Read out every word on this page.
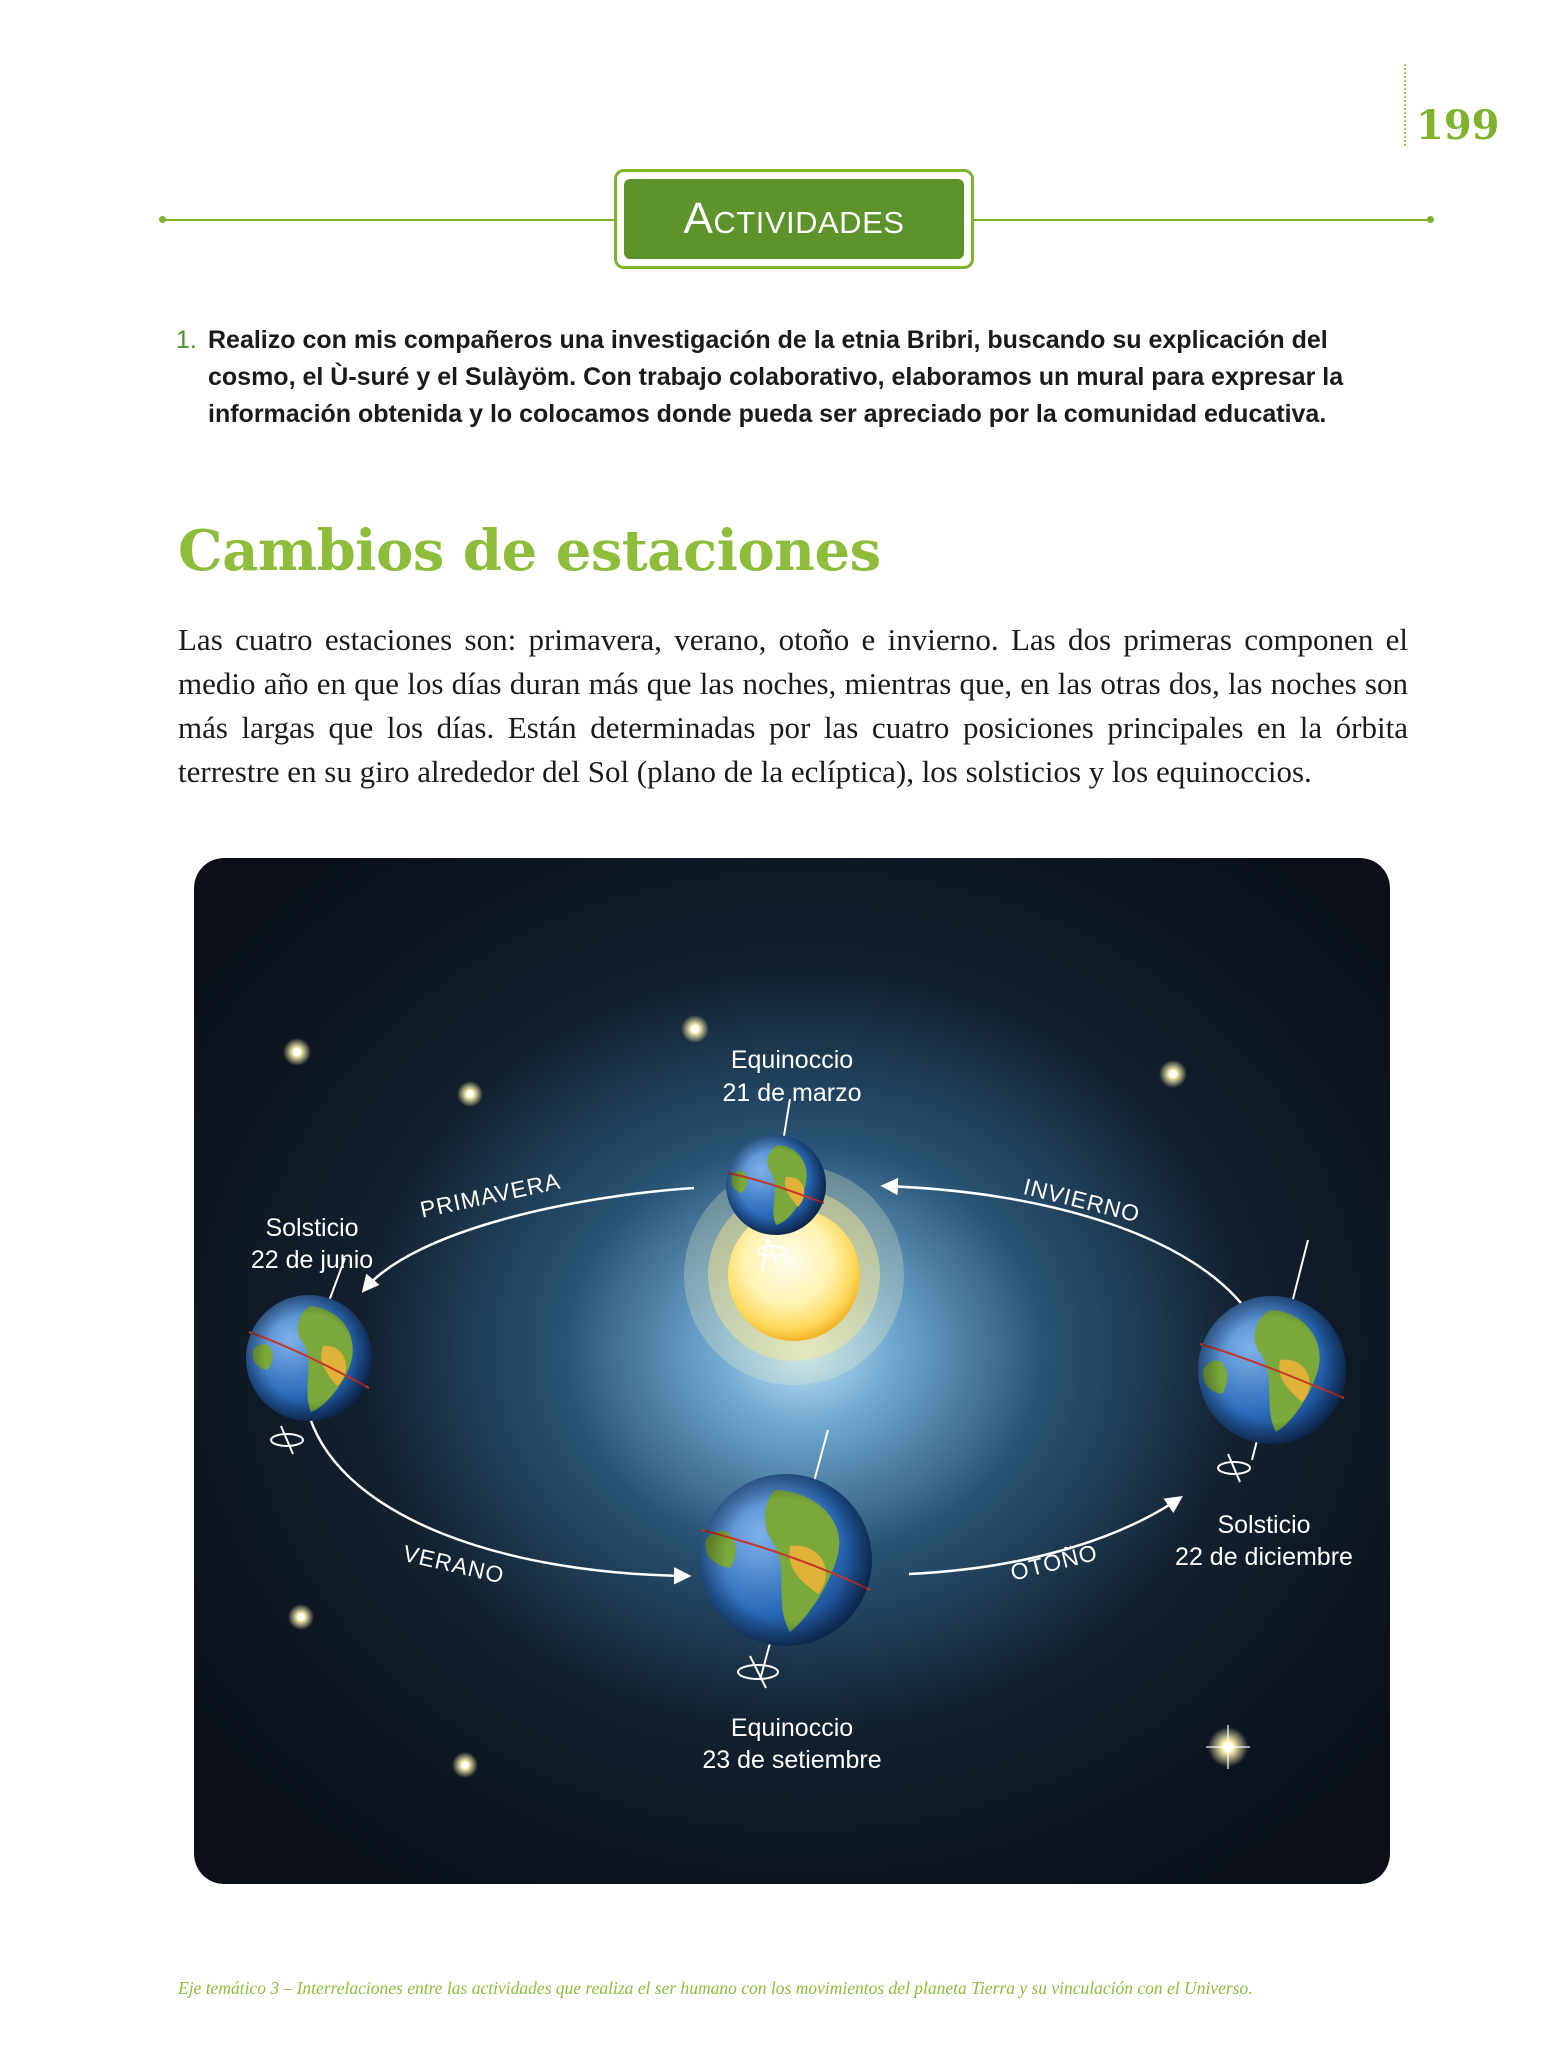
199
Actividades
1. Realizo con mis compañeros una investigación de la etnia Bribri, buscando su explicación del cosmo, el Ù-suré y el Sulàyöm. Con trabajo colaborativo, elaboramos un mural para expresar la información obtenida y lo colocamos donde pueda ser apreciado por la comunidad educativa.
Cambios de estaciones

Las cuatro estaciones son: primavera, verano, otoño e invierno. Las dos primeras componen el medio año en que los días duran más que las noches, mientras que, en las otras dos, las noches son más largas que los días. Están determinadas por las cuatro posiciones principales en la órbita terrestre en su giro alrededor del Sol (plano de la eclíptica), los solsticios y los equinoccios.

Equinoccio
21 de marzo
Solsticio
22 de junio
Equinoccio
23 de setiembre
Solsticio
22 de diciembre
PRIMAVERA	INVIERNO
VERANO	OTOÑO
Eje temático 3 – Interrelaciones entre las actividades que realiza el ser humano con los movimientos del planeta Tierra y su vinculación con el Universo.
